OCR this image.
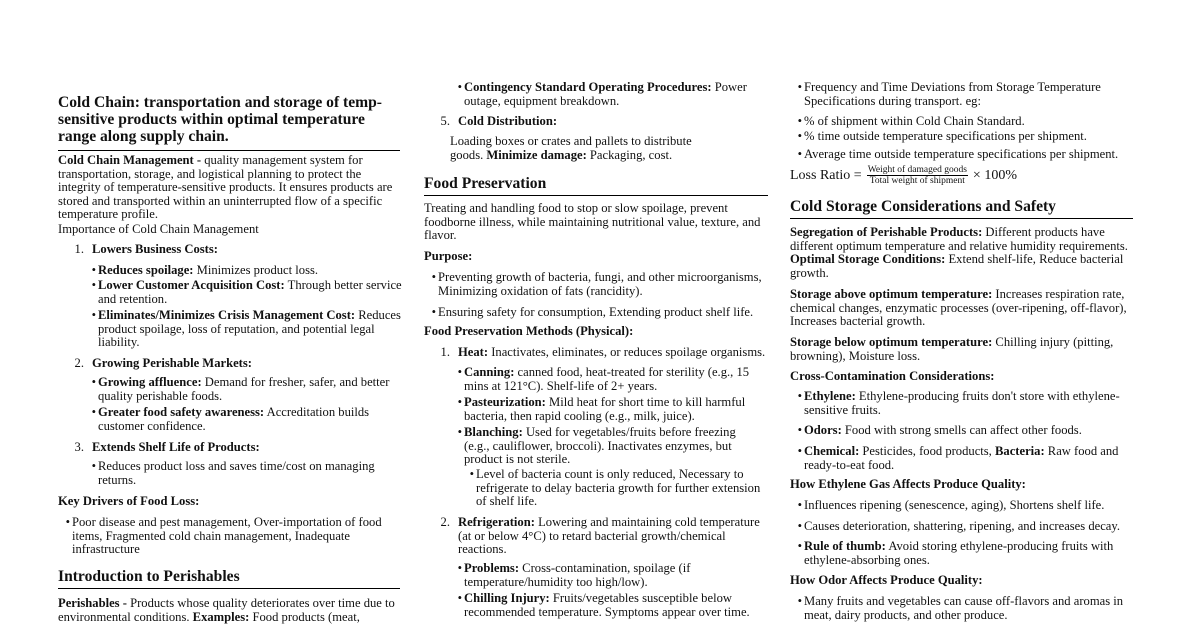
Cold Chain: transportation and storage of temp-sensitive products within optimal temperature range along supply chain.

Cold Chain Management - quality management system for transportation, storage, and logistical planning to protect the integrity of temperature-sensitive products. It ensures products are stored and transported within an uninterrupted flow of a specific temperature profile.

Importance of Cold Chain Management

1. Lowers Business Costs:
• Reduces spoilage: Minimizes product loss.
• Lower Customer Acquisition Cost: Through better service and retention.
• Eliminates/Minimizes Crisis Management Cost: Reduces product spoilage, loss of reputation, and potential legal liability.
2. Growing Perishable Markets:
• Growing affluence: Demand for fresher, safer, and better quality perishable foods.
• Greater food safety awareness: Accreditation builds customer confidence.
3. Extends Shelf Life of Products:
• Reduces product loss and saves time/cost on managing returns.

Key Drivers of Food Loss:

• Poor disease and pest management, Over-importation of food items, Fragmented cold chain management, Inadequate infrastructure
Introduction to Perishables

Perishables - Products whose quality deteriorates over time due to environmental conditions. Examples: Food products (meat,

• Contingency Standard Operating Procedures: Power outage, equipment breakdown.
5. Cold Distribution:

Loading boxes or crates and pallets to distribute goods. Minimize damage: Packaging, cost.

Food Preservation

Treating and handling food to stop or slow spoilage, prevent foodborne illness, while maintaining nutritional value, texture, and flavor.

Purpose:

• Preventing growth of bacteria, fungi, and other microorganisms, Minimizing oxidation of fats (rancidity).
• Ensuring safety for consumption, Extending product shelf life.

Food Preservation Methods (Physical):

1. Heat: Inactivates, eliminates, or reduces spoilage organisms.
• Canning: canned food, heat-treated for sterility (e.g., 15 mins at 121°C). Shelf-life of 2+ years.
• Pasteurization: Mild heat for short time to kill harmful bacteria, then rapid cooling (e.g., milk, juice).
• Blanching: Used for vegetables/fruits before freezing (e.g., cauliflower, broccoli). Inactivates enzymes, but product is not sterile.
• Level of bacteria count is only reduced, Necessary to refrigerate to delay bacteria growth for further extension of shelf life.
2. Refrigeration: Lowering and maintaining cold temperature (at or below 4°C) to retard bacterial growth/chemical reactions.
• Problems: Cross-contamination, spoilage (if temperature/humidity too high/low).
• Chilling Injury: Fruits/vegetables susceptible below recommended temperature. Symptoms appear over time.
• Frequency and Time Deviations from Storage Temperature Specifications during transport. eg:
• % of shipment within Cold Chain Standard.
• % time outside temperature specifications per shipment.
• Average time outside temperature specifications per shipment.
Loss Ratio = $\frac{\text{Weight of damaged goods}}{\text{Total weight of shipment}} \times 100\%$
Cold Storage Considerations and Safety

Segregation of Perishable Products: Different products have different optimum temperature and relative humidity requirements. Optimal Storage Conditions: Extend shelf-life, Reduce bacterial growth.

Storage above optimum temperature: Increases respiration rate, chemical changes, enzymatic processes (over-ripening, off-flavor), Increases bacterial growth.

Storage below optimum temperature: Chilling injury (pitting, browning), Moisture loss.

Cross-Contamination Considerations:

• Ethylene: Ethylene-producing fruits don't store with ethylene-sensitive fruits.
• Odors: Food with strong smells can affect other foods.
• Chemical: Pesticides, food products, Bacteria: Raw food and ready-to-eat food.

How Ethylene Gas Affects Produce Quality:

• Influences ripening (senescence, aging), Shortens shelf life.
• Causes deterioration, shattering, ripening, and increases decay.
• Rule of thumb: Avoid storing ethylene-producing fruits with ethylene-absorbing ones.

How Odor Affects Produce Quality:

• Many fruits and vegetables can cause off-flavors and aromas in meat, dairy products, and other produce.
